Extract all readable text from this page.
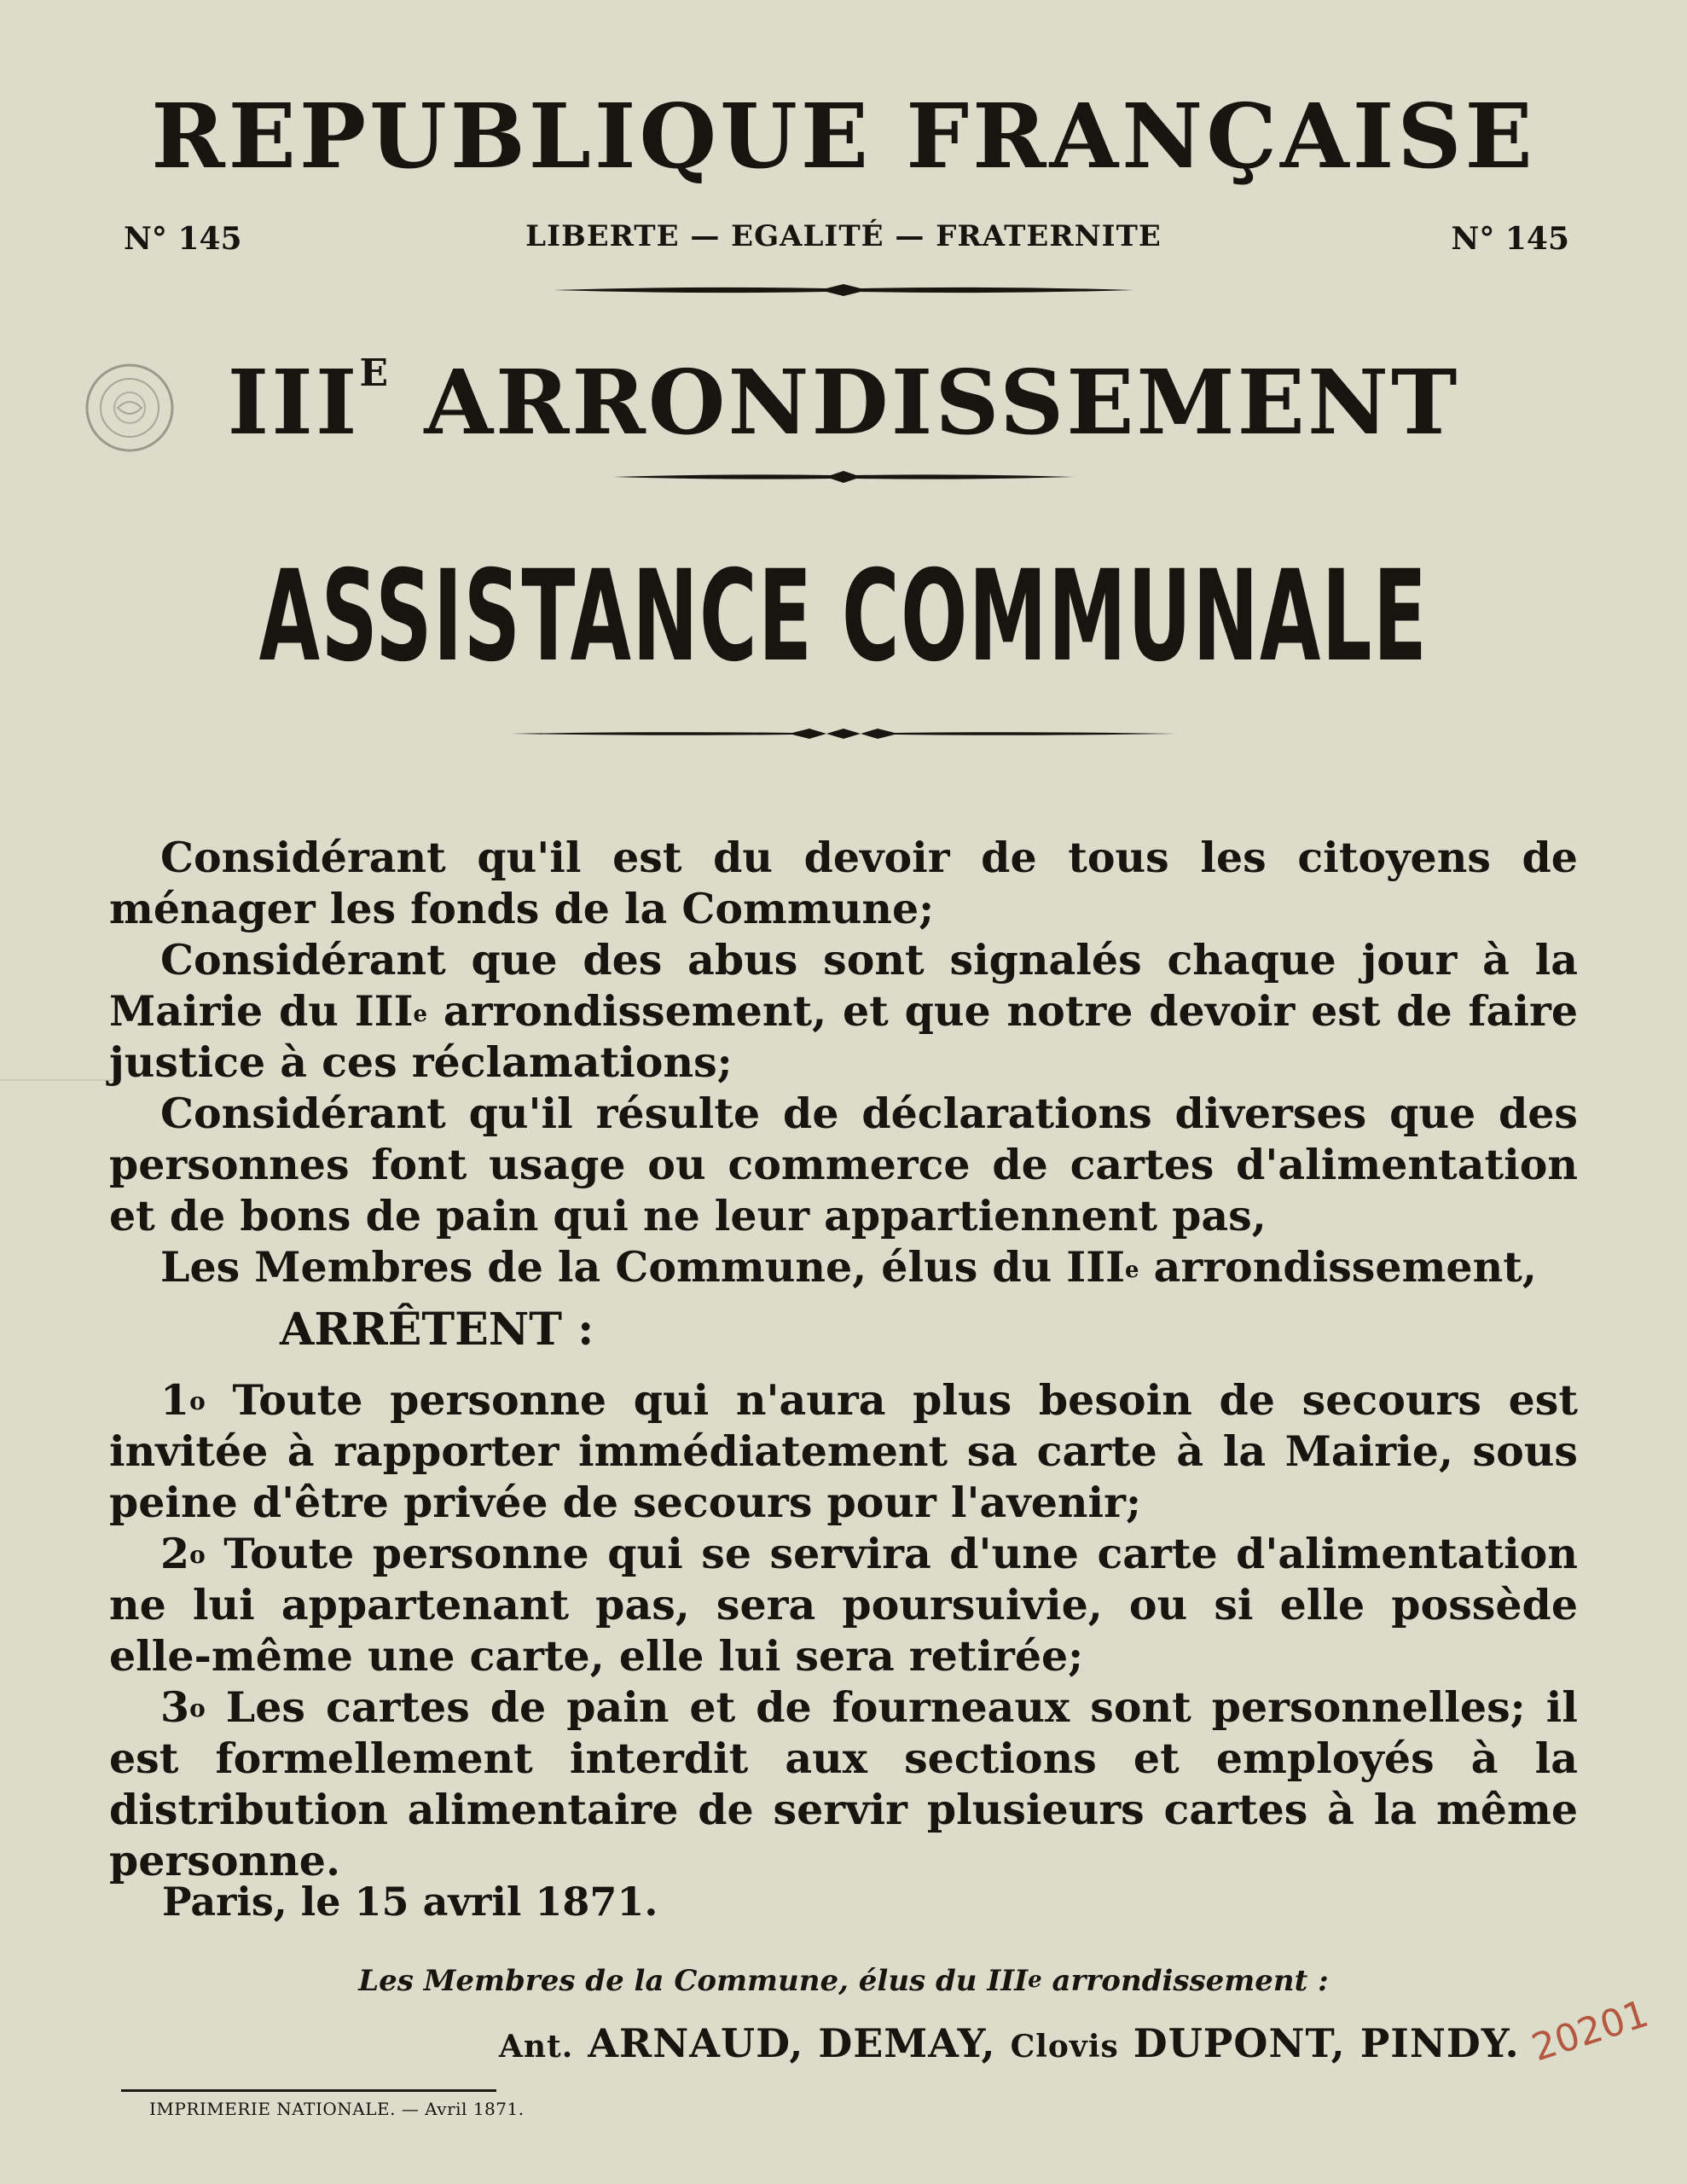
REPUBLIQUE FRANÇAISE
N° 145	LIBERTE — EGALITÉ — FRATERNITE	N° 145
$III^E$ ARRONDISSEMENT
ASSISTANCE COMMUNALE

Considérant qu'il est du devoir de tous les citoyens de ménager les fonds de la Commune;

Considérant que des abus sont signalés chaque jour à la Mairie du IIIe arrondissement, et que notre devoir est de faire justice à ces réclamations;

Considérant qu'il résulte de déclarations diverses que des personnes font usage ou commerce de cartes d'alimentation et de bons de pain qui ne leur appartiennent pas,

Les Membres de la Commune, élus du IIIe arrondissement,

ARRÊTENT :

1$^o$ Toute personne qui n'aura plus besoin de secours est invitée à rapporter immédiatement sa carte à la Mairie, sous peine d'être privée de secours pour l'avenir;

2$^o$ Toute personne qui se servira d'une carte d'alimentation ne lui appartenant pas, sera poursuivie, ou si elle possède elle-même une carte, elle lui sera retirée;

3$^o$ Les cartes de pain et de fourneaux sont personnelles; il est formellement interdit aux sections et employés à la distribution alimentaire de servir plusieurs cartes à la même personne.

Paris, le 15 avril 1871.
Les Membres de la Commune, élus du IIIe arrondissement :
Ant. ARNAUD, DEMAY, Clovis DUPONT, PINDY. 20201
IMPRIMERIE NATIONALE. — Avril 1871.
